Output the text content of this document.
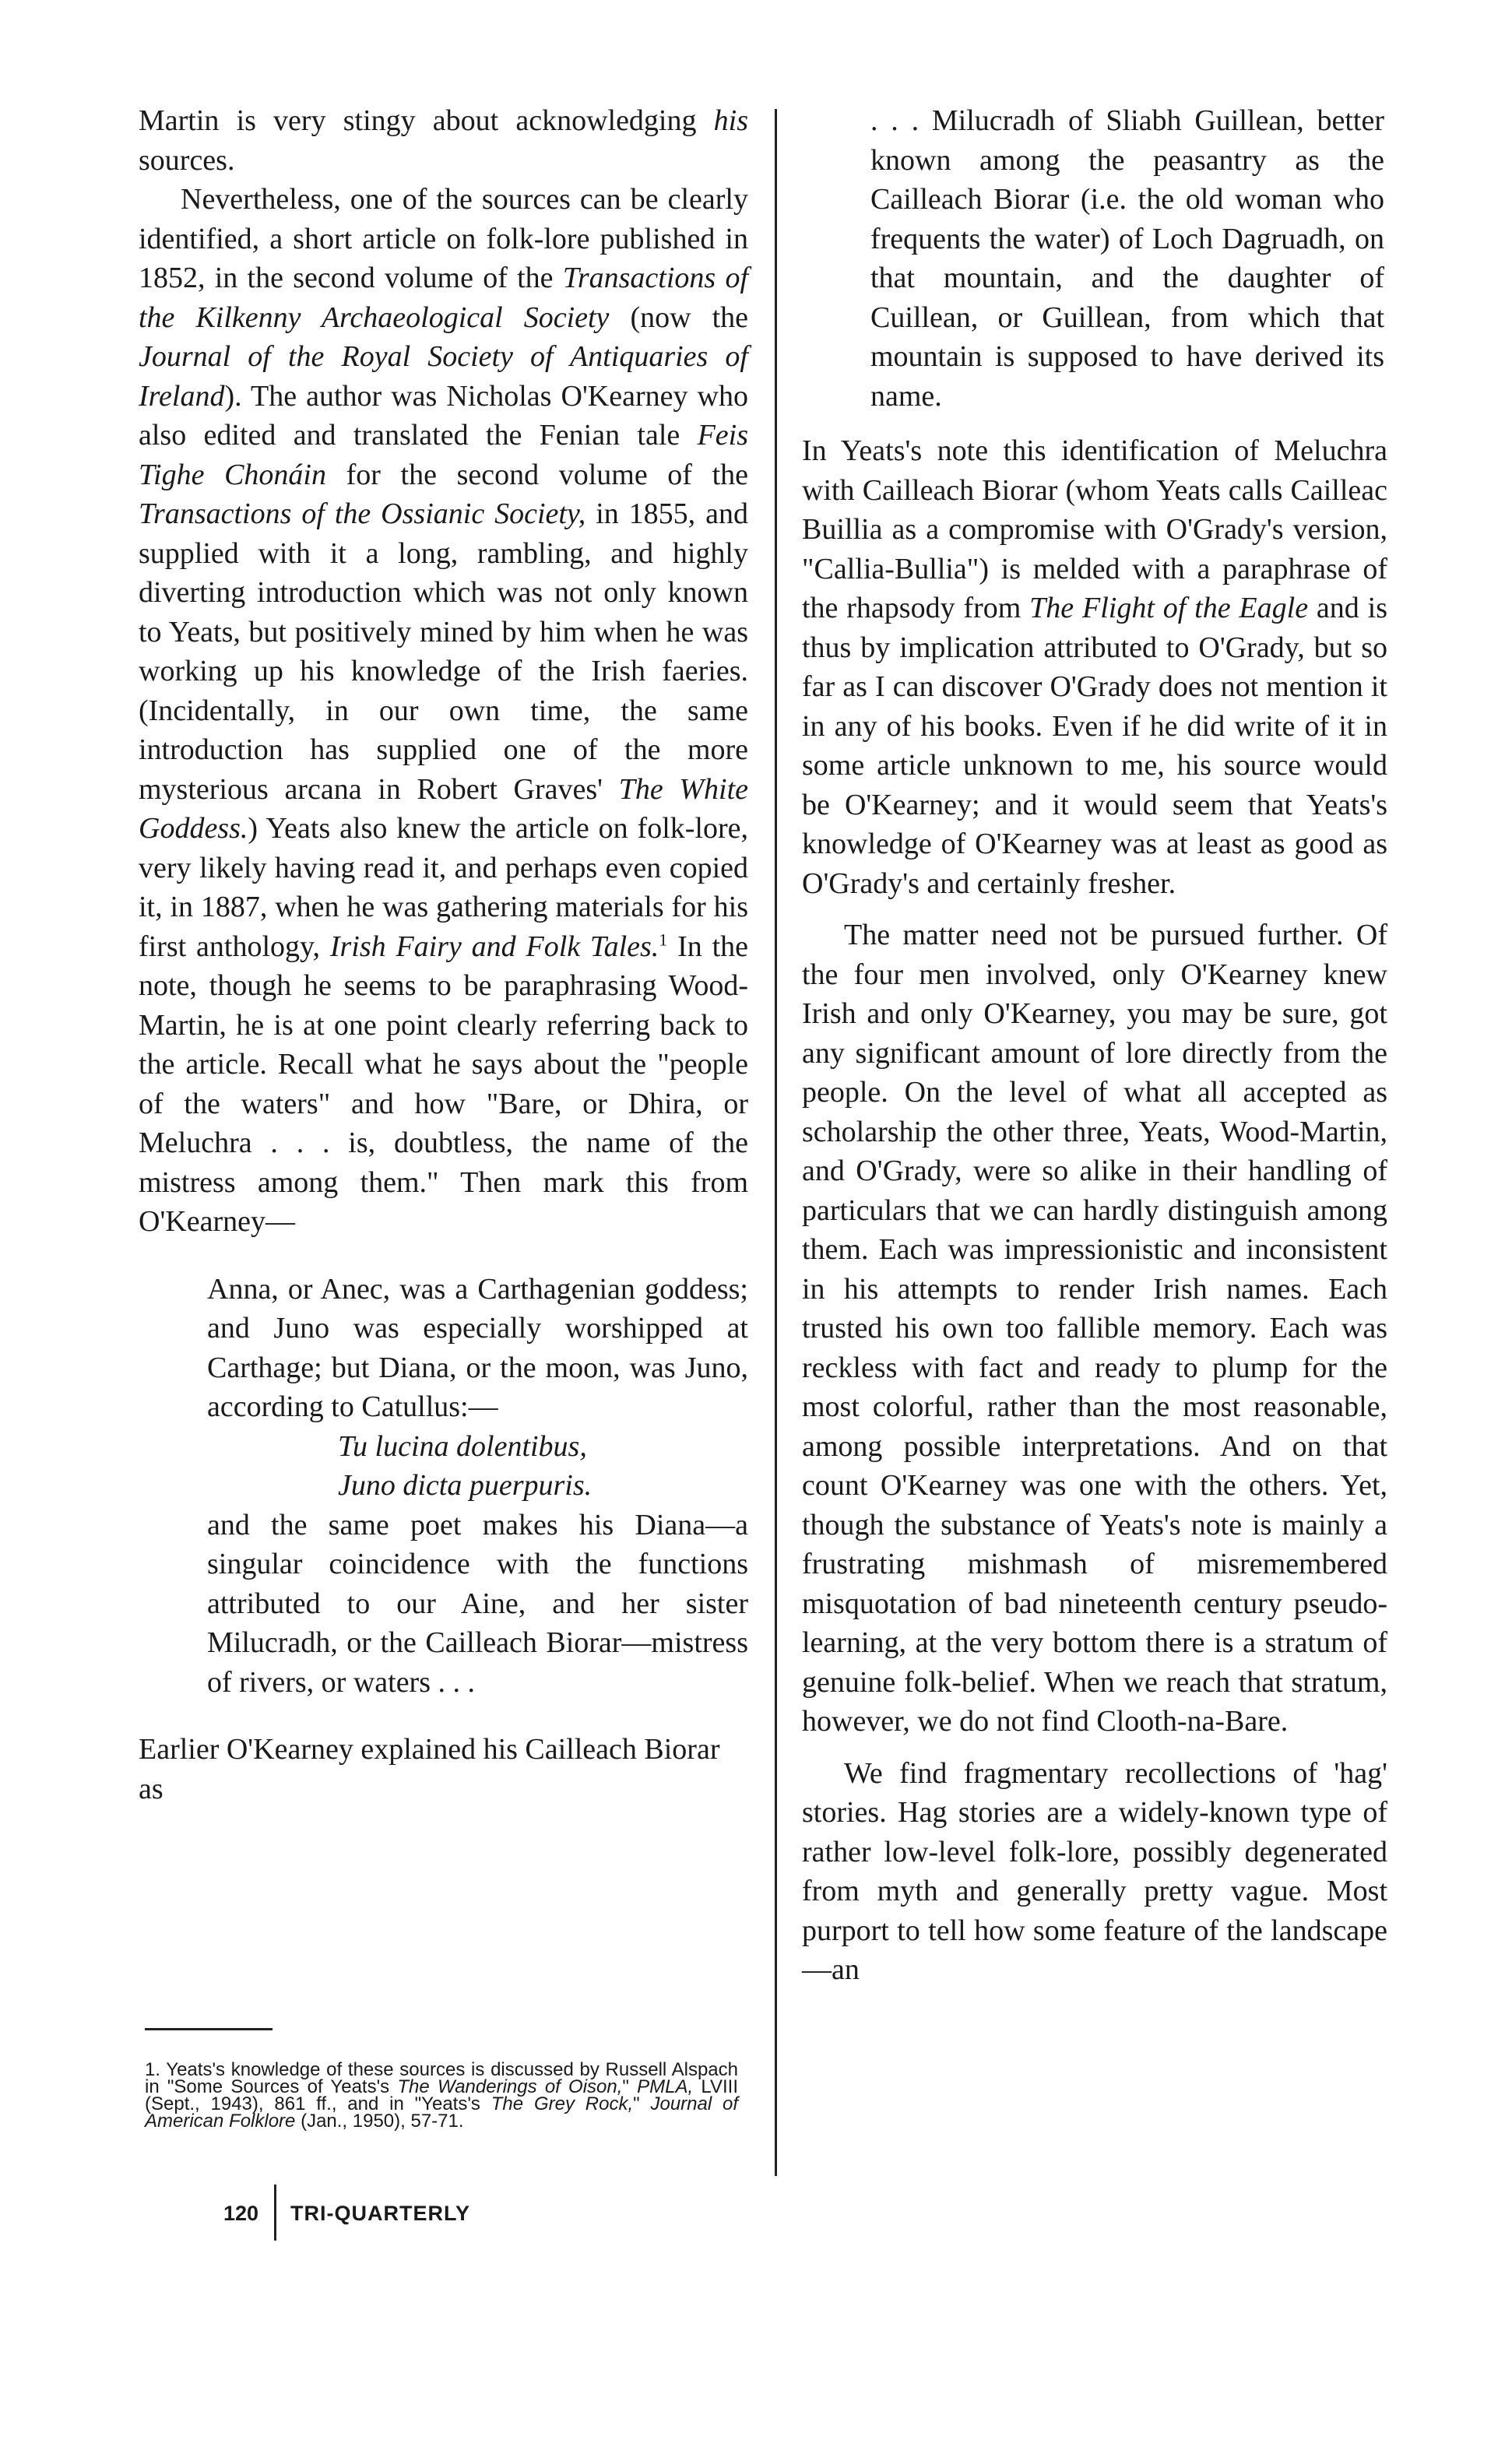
Martin is very stingy about acknowledging his sources.

Nevertheless, one of the sources can be clearly identified, a short article on folk-lore published in 1852, in the second volume of the Transactions of the Kilkenny Archaeological Society (now the Journal of the Royal Society of Antiquaries of Ireland). The author was Nicholas O'Kearney who also edited and translated the Fenian tale Feis Tighe Chonáin for the second volume of the Transactions of the Ossianic Society, in 1855, and supplied with it a long, rambling, and highly diverting introduction which was not only known to Yeats, but positively mined by him when he was working up his knowledge of the Irish faeries. (Incidentally, in our own time, the same introduction has supplied one of the more mysterious arcana in Robert Graves' The White Goddess.) Yeats also knew the article on folk-lore, very likely having read it, and perhaps even copied it, in 1887, when he was gathering materials for his first anthology, Irish Fairy and Folk Tales.$^1$ In the note, though he seems to be paraphrasing Wood-Martin, he is at one point clearly referring back to the article. Recall what he says about the "people of the waters" and how "Bare, or Dhira, or Meluchra . . . is, doubtless, the name of the mistress among them." Then mark this from O'Kearney—

Anna, or Anec, was a Carthagenian goddess; and Juno was especially worshipped at Carthage; but Diana, or the moon, was Juno, according to Catullus:—

Tu lucina dolentibus,

Juno dicta puerpuris.

and the same poet makes his Diana—a singular coincidence with the functions attributed to our Aine, and her sister Milucradh, or the Cailleach Biorar—mistress of rivers, or waters . . .

Earlier O'Kearney explained his Cailleach Biorar as

. . . Milucradh of Sliabh Guillean, better known among the peasantry as the Cailleach Biorar (i.e. the old woman who frequents the water) of Loch Dagruadh, on that mountain, and the daughter of Cuillean, or Guillean, from which that mountain is supposed to have derived its name.

In Yeats's note this identification of Meluchra with Cailleach Biorar (whom Yeats calls Cailleac Buillia as a compromise with O'Grady's version, "Callia-Bullia") is melded with a paraphrase of the rhapsody from The Flight of the Eagle and is thus by implication attributed to O'Grady, but so far as I can discover O'Grady does not mention it in any of his books. Even if he did write of it in some article unknown to me, his source would be O'Kearney; and it would seem that Yeats's knowledge of O'Kearney was at least as good as O'Grady's and certainly fresher.

The matter need not be pursued further. Of the four men involved, only O'Kearney knew Irish and only O'Kearney, you may be sure, got any significant amount of lore directly from the people. On the level of what all accepted as scholarship the other three, Yeats, Wood-Martin, and O'Grady, were so alike in their handling of particulars that we can hardly distinguish among them. Each was impressionistic and inconsistent in his attempts to render Irish names. Each trusted his own too fallible memory. Each was reckless with fact and ready to plump for the most colorful, rather than the most reasonable, among possible interpretations. And on that count O'Kearney was one with the others. Yet, though the substance of Yeats's note is mainly a frustrating mishmash of misremembered misquotation of bad nineteenth century pseudo-learning, at the very bottom there is a stratum of genuine folk-belief. When we reach that stratum, however, we do not find Clooth-na-Bare.

We find fragmentary recollections of 'hag' stories. Hag stories are a widely-known type of rather low-level folk-lore, possibly degenerated from myth and generally pretty vague. Most purport to tell how some feature of the landscape—an

1. Yeats's knowledge of these sources is discussed by Russell Alspach in "Some Sources of Yeats's The Wanderings of Oison," PMLA, LVIII (Sept., 1943), 861 ff., and in "Yeats's The Grey Rock," Journal of American Folklore (Jan., 1950), 57-71.
120 TRI-QUARTERLY
